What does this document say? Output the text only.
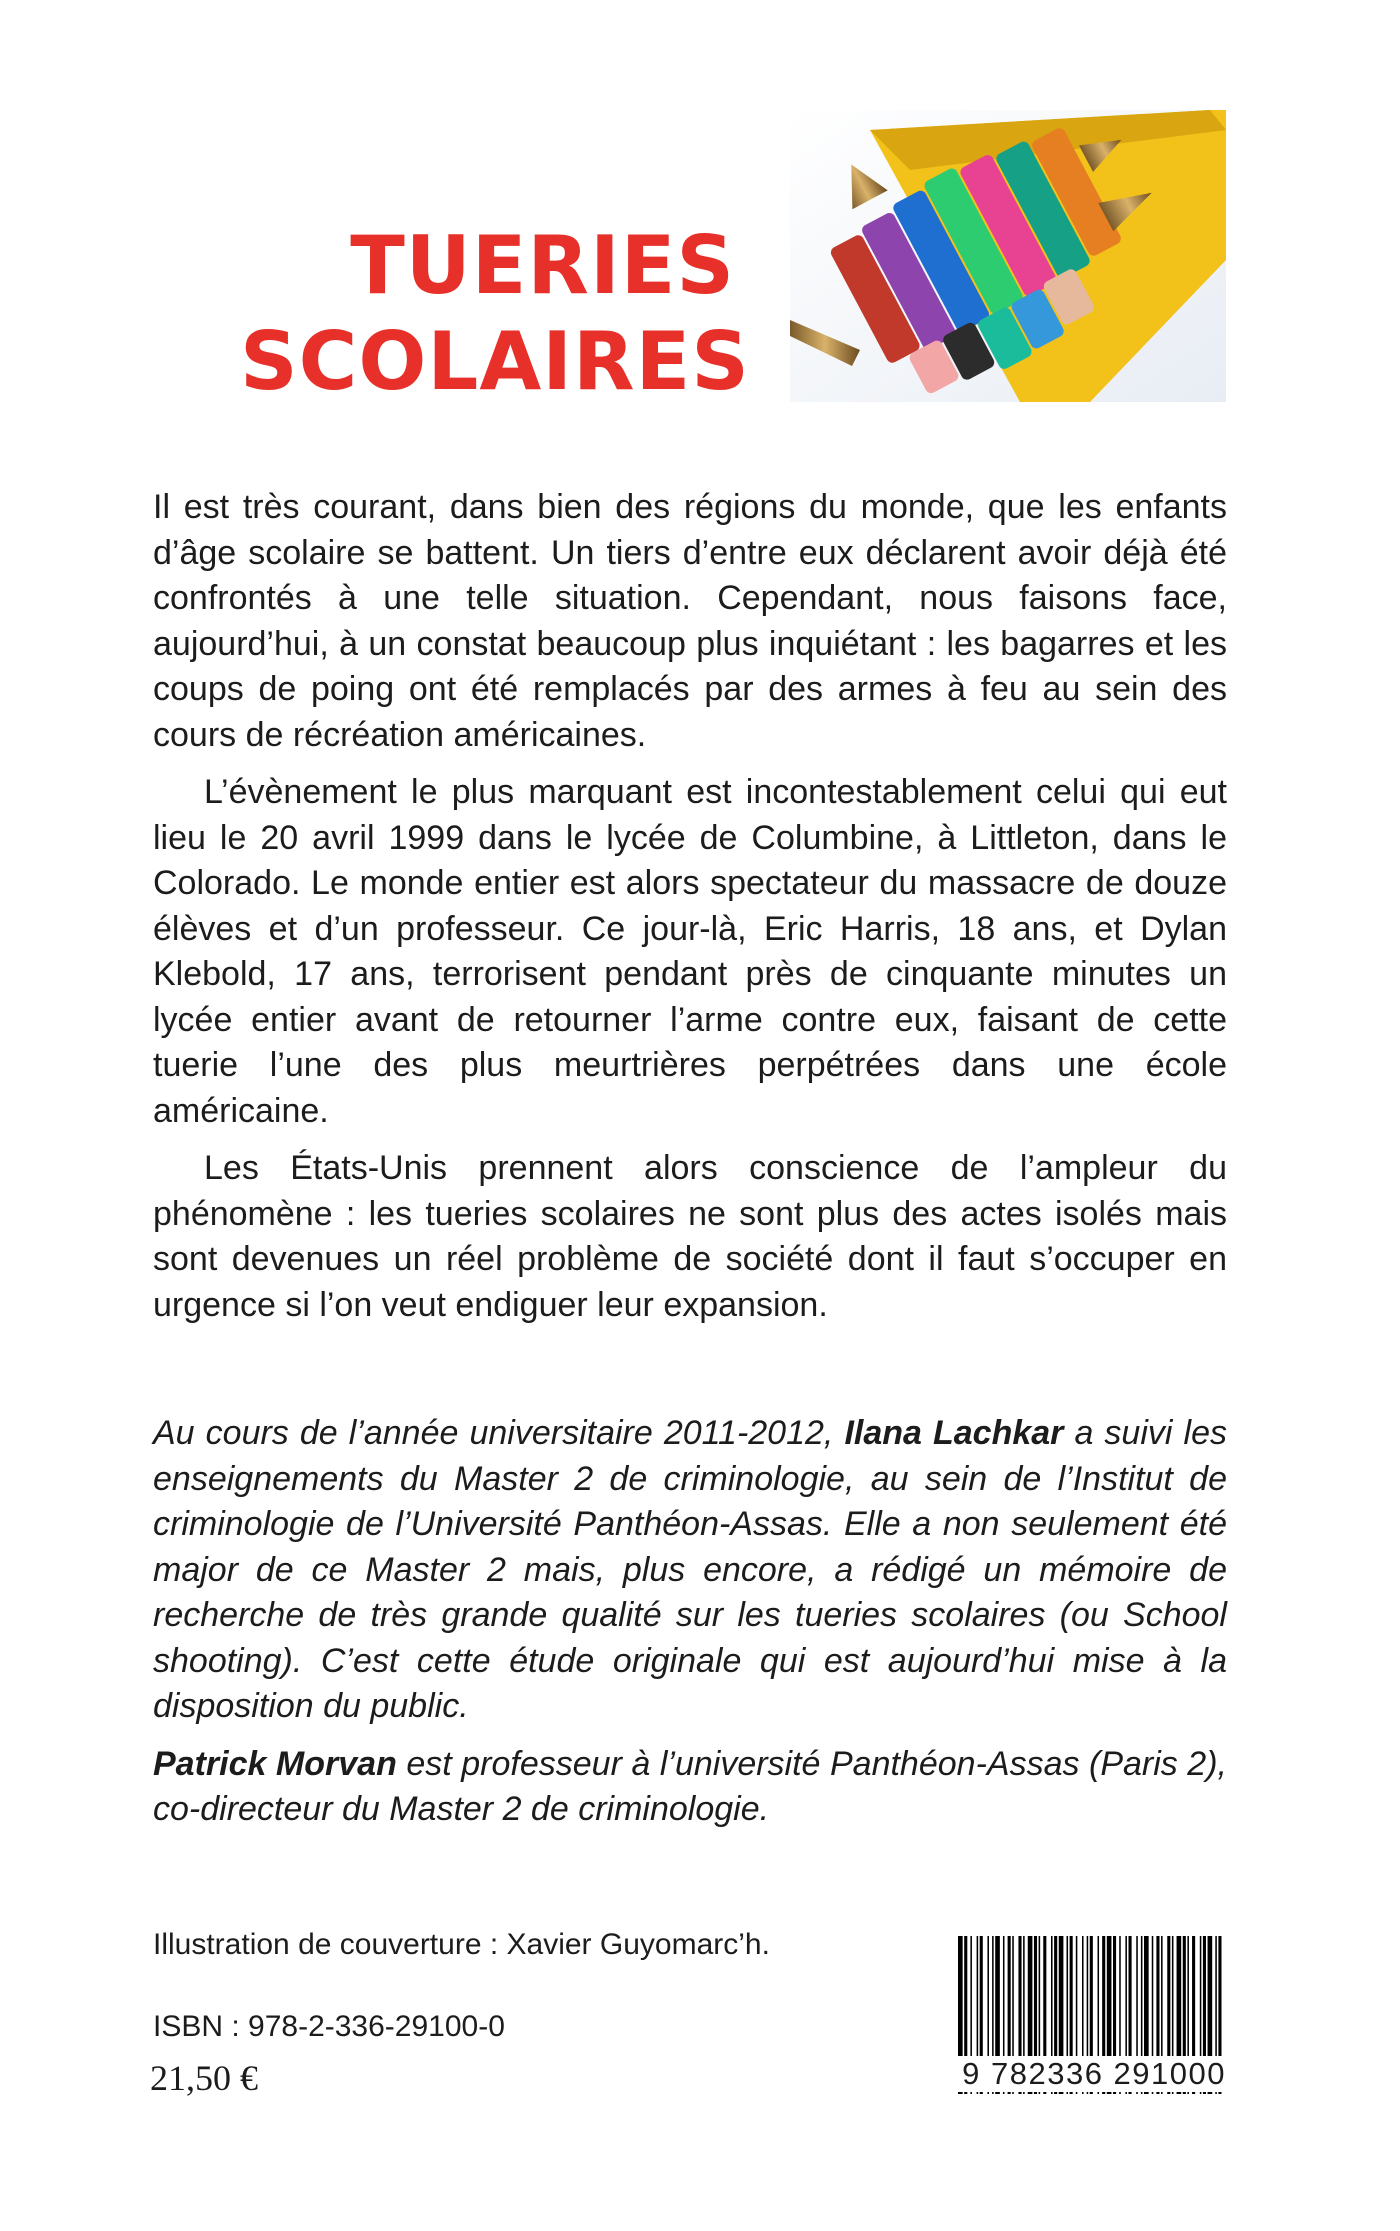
TUERIES
SCOLAIRES

Il est très courant, dans bien des régions du monde, que les enfants d’âge scolaire se battent. Un tiers d’entre eux déclarent avoir déjà été confrontés à une telle situation. Cependant, nous faisons face, aujourd’hui, à un constat beaucoup plus inquiétant : les bagarres et les coups de poing ont été remplacés par des armes à feu au sein des cours de récréation américaines.

L’évènement le plus marquant est incontestablement celui qui eut lieu le 20 avril 1999 dans le lycée de Columbine, à Littleton, dans le Colorado. Le monde entier est alors spectateur du massacre de douze élèves et d’un professeur. Ce jour-là, Eric Harris, 18 ans, et Dylan Klebold, 17 ans, terrorisent pendant près de cinquante minutes un lycée entier avant de retourner l’arme contre eux, faisant de cette tuerie l’une des plus meurtrières perpétrées dans une école américaine.

Les États-Unis prennent alors conscience de l’ampleur du phénomène : les tueries scolaires ne sont plus des actes isolés mais sont devenues un réel problème de société dont il faut s’occuper en urgence si l’on veut endiguer leur expansion.

Au cours de l’année universitaire 2011-2012, Ilana Lachkar a suivi les enseignements du Master 2 de criminologie, au sein de l’Institut de criminologie de l’Université Panthéon-Assas. Elle a non seulement été major de ce Master 2 mais, plus encore, a rédigé un mémoire de recherche de très grande qualité sur les tueries scolaires (ou School shooting). C’est cette étude originale qui est aujourd’hui mise à la disposition du public.

Patrick Morvan est professeur à l’université Panthéon-Assas (Paris 2), co-directeur du Master 2 de criminologie.

Illustration de couverture : Xavier Guyomarc’h.
ISBN : 978-2-336-29100-0
21,50 €	9 782336 291000
